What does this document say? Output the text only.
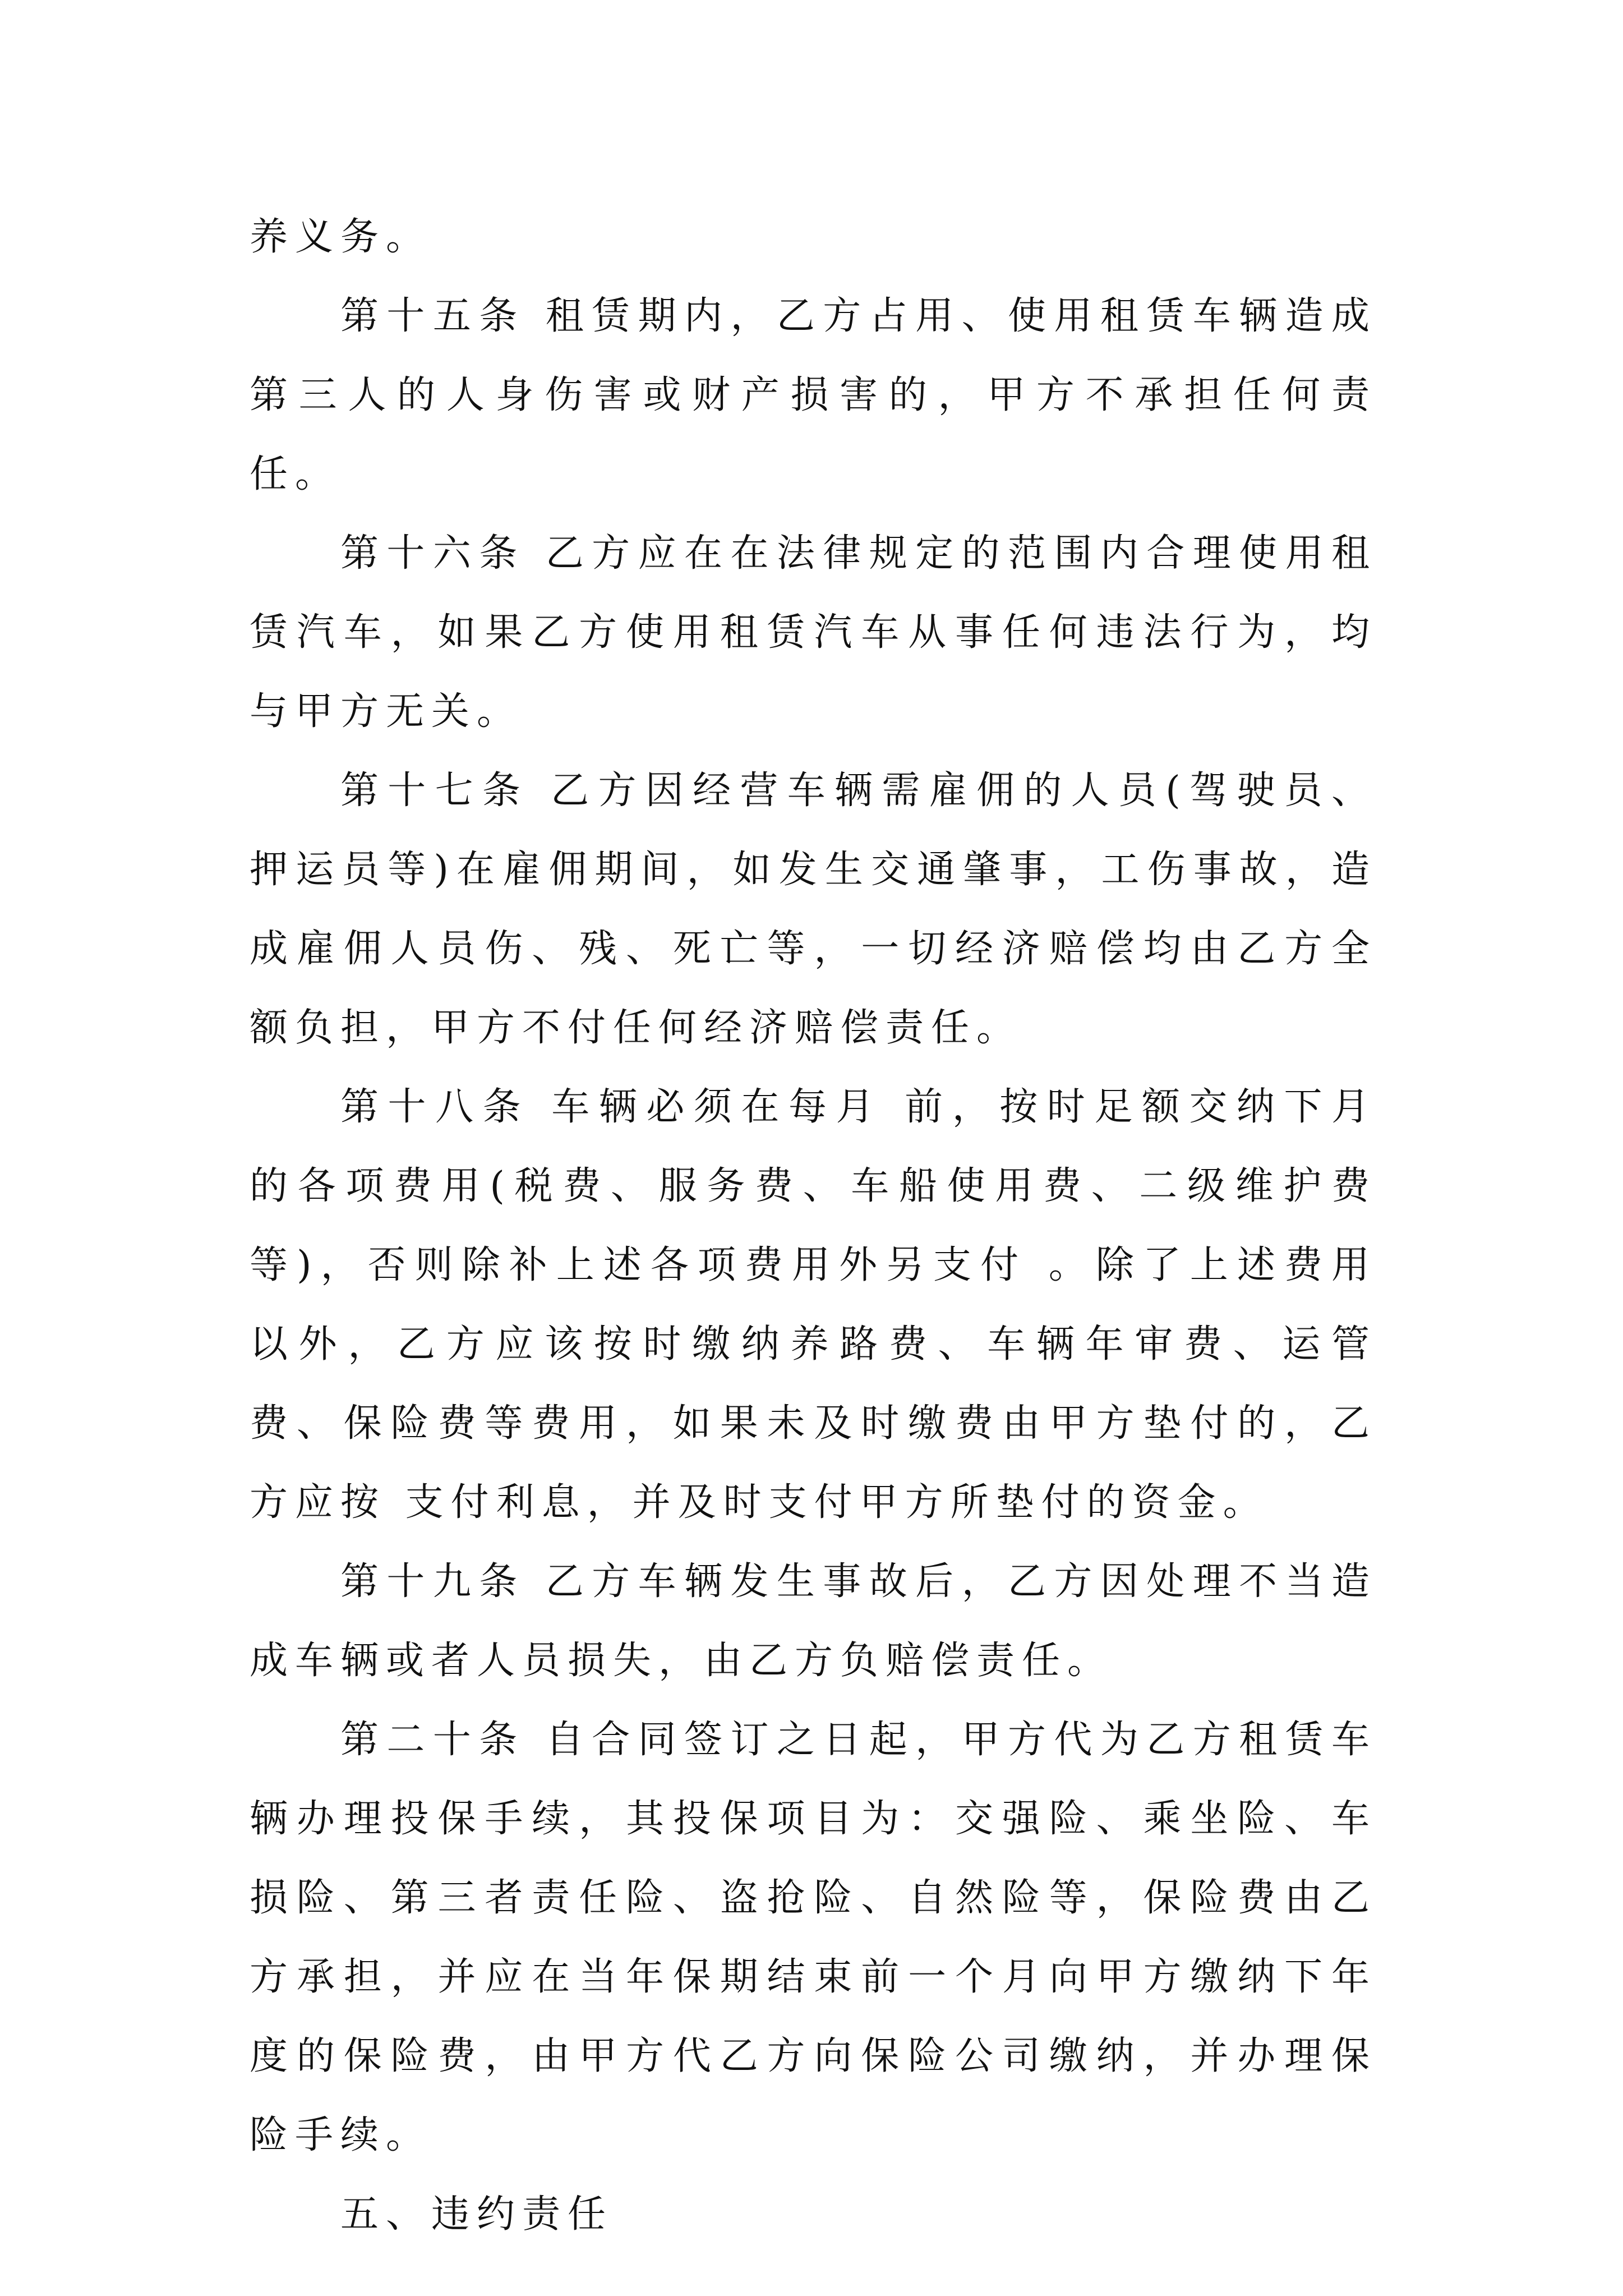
养义务。

第十五条 租赁期内，乙方占用、使用租赁车辆造成第三人的人身伤害或财产损害的，甲方不承担任何责任。

第十六条 乙方应在在法律规定的范围内合理使用租赁汽车，如果乙方使用租赁汽车从事任何违法行为，均与甲方无关。

第十七条 乙方因经营车辆需雇佣的人员(驾驶员、押运员等)在雇佣期间，如发生交通肇事，工伤事故，造成雇佣人员伤、残、死亡等，一切经济赔偿均由乙方全额负担，甲方不付任何经济赔偿责任。

第十八条 车辆必须在每月 前，按时足额交纳下月的各项费用(税费、服务费、车船使用费、二级维护费等)，否则除补上述各项费用外另支付 。除了上述费用以外，乙方应该按时缴纳养路费、车辆年审费、运管费、保险费等费用，如果未及时缴费由甲方垫付的，乙方应按 支付利息，并及时支付甲方所垫付的资金。

第十九条 乙方车辆发生事故后，乙方因处理不当造成车辆或者人员损失，由乙方负赔偿责任。

第二十条 自合同签订之日起，甲方代为乙方租赁车辆办理投保手续，其投保项目为：交强险、乘坐险、车损险、第三者责任险、盗抢险、自然险等，保险费由乙方承担，并应在当年保期结束前一个月向甲方缴纳下年度的保险费，由甲方代乙方向保险公司缴纳，并办理保险手续。

五、违约责任
